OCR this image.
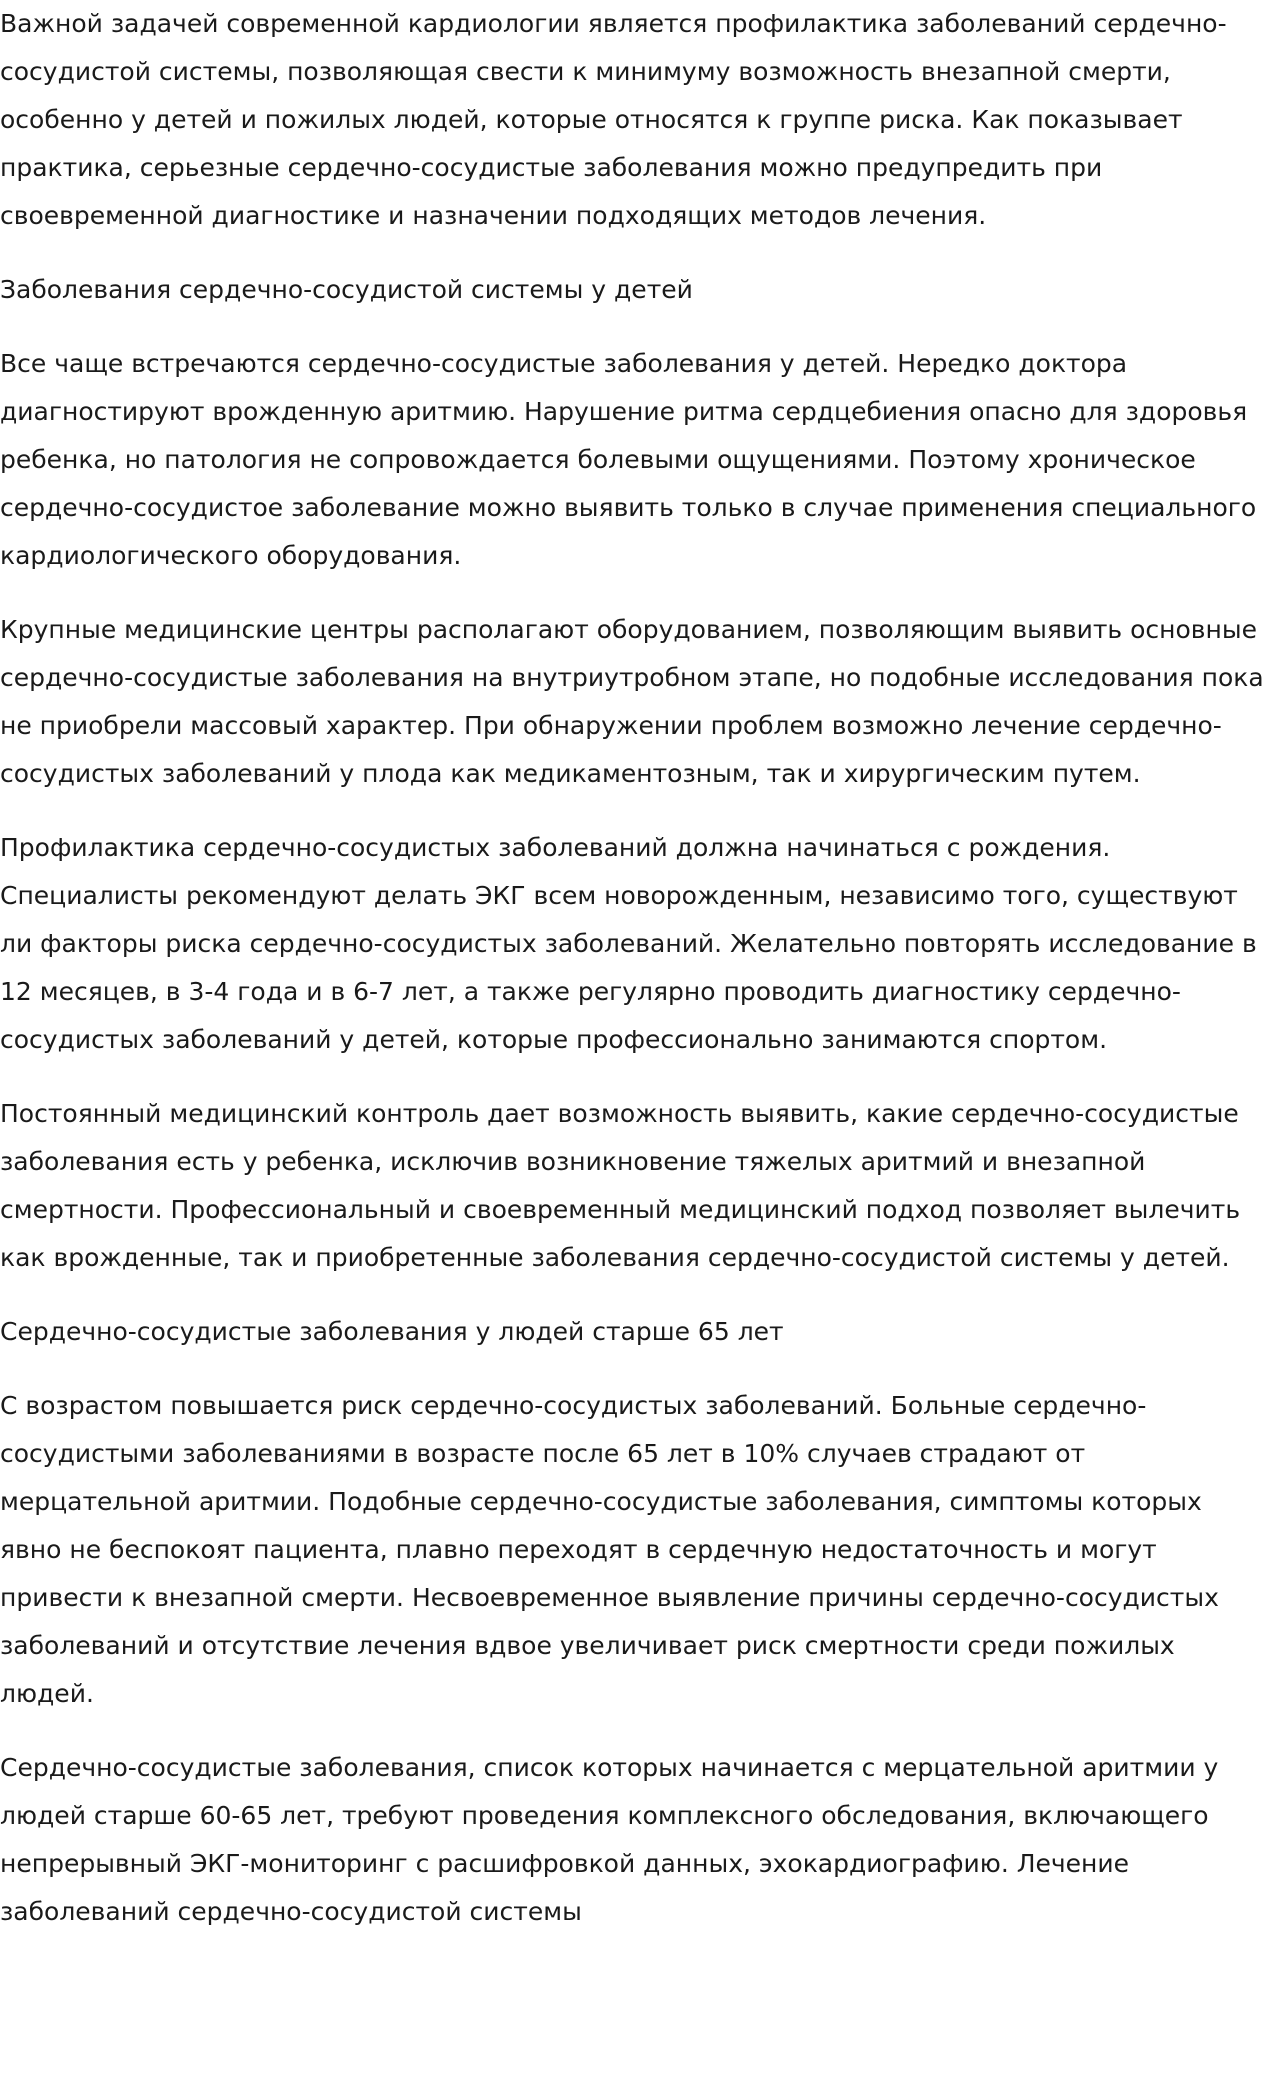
Важной задачей современной кардиологии является профилактика заболеваний сердечно-сосудистой системы, позволяющая свести к минимуму возможность внезапной смерти, особенно у детей и пожилых людей, которые относятся к группе риска. Как показывает практика, серьезные сердечно-сосудистые заболевания можно предупредить при своевременной диагностике и назначении подходящих методов лечения.

Заболевания сердечно-сосудистой системы у детей

Все чаще встречаются сердечно-сосудистые заболевания у детей. Нередко доктора диагностируют врожденную аритмию. Нарушение ритма сердцебиения опасно для здоровья ребенка, но патология не сопровождается болевыми ощущениями. Поэтому хроническое сердечно-сосудистое заболевание можно выявить только в случае применения специального кардиологического оборудования.

Крупные медицинские центры располагают оборудованием, позволяющим выявить основные сердечно-сосудистые заболевания на внутриутробном этапе, но подобные исследования пока не приобрели массовый характер. При обнаружении проблем возможно лечение сердечно-сосудистых заболеваний у плода как медикаментозным, так и хирургическим путем.

Профилактика сердечно-сосудистых заболеваний должна начинаться с рождения. Специалисты рекомендуют делать ЭКГ всем новорожденным, независимо того, существуют ли факторы риска сердечно-сосудистых заболеваний. Желательно повторять исследование в 12 месяцев, в 3-4 года и в 6-7 лет, а также регулярно проводить диагностику сердечно-сосудистых заболеваний у детей, которые профессионально занимаются спортом.

Постоянный медицинский контроль дает возможность выявить, какие сердечно-сосудистые заболевания есть у ребенка, исключив возникновение тяжелых аритмий и внезапной смертности. Профессиональный и своевременный медицинский подход позволяет вылечить как врожденные, так и приобретенные заболевания сердечно-сосудистой системы у детей.

Сердечно-сосудистые заболевания у людей старше 65 лет

С возрастом повышается риск сердечно-сосудистых заболеваний. Больные сердечно-сосудистыми заболеваниями в возрасте после 65 лет в 10% случаев страдают от мерцательной аритмии. Подобные сердечно-сосудистые заболевания, симптомы которых явно не беспокоят пациента, плавно переходят в сердечную недостаточность и могут привести к внезапной смерти. Несвоевременное выявление причины сердечно-сосудистых заболеваний и отсутствие лечения вдвое увеличивает риск смертности среди пожилых людей.

Сердечно-сосудистые заболевания, список которых начинается с мерцательной аритмии у людей старше 60-65 лет, требуют проведения комплексного обследования, включающего непрерывный ЭКГ-мониторинг с расшифровкой данных, эхокардиографию. Лечение заболеваний сердечно-сосудистой системы
